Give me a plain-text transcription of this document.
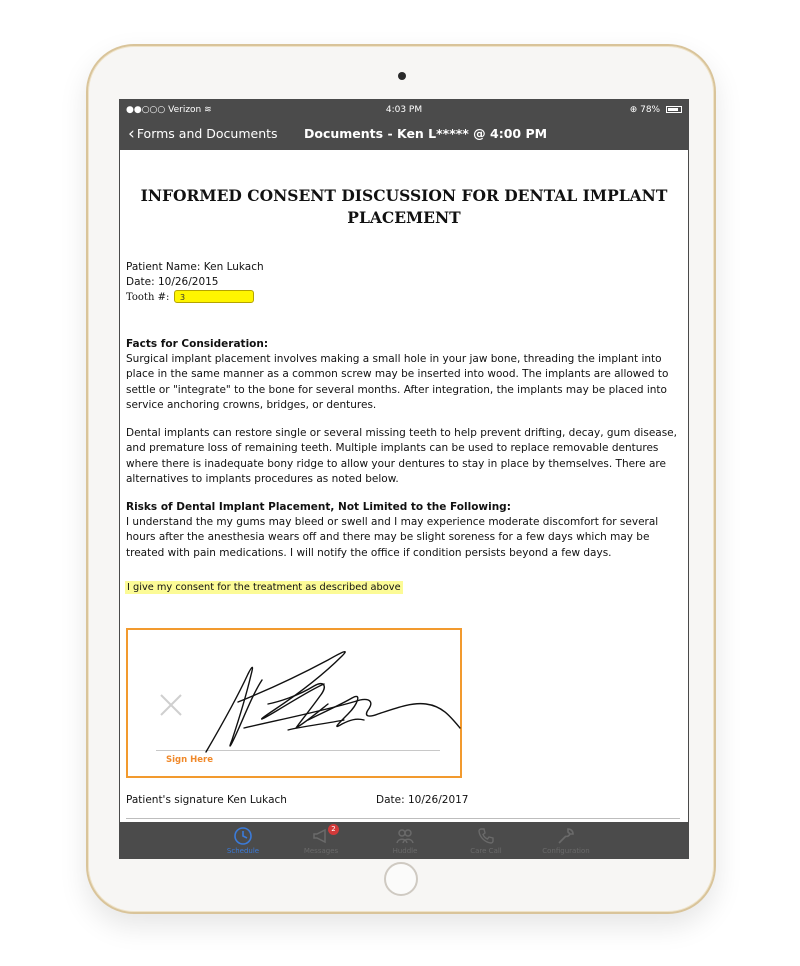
●●○○○ Verizon ≋	4:03 PM	⊕ 78%
‹ Forms and Documents Documents - Ken L***** @ 4:00 PM
INFORMED CONSENT DISCUSSION FOR DENTAL IMPLANT PLACEMENT
Patient Name: Ken Lukach
Date: 10/26/2015
Tooth #:	3
Facts for Consideration:
Surgical implant placement involves making a small hole in your jaw bone, threading the implant into place in the same manner as a common screw may be inserted into wood. The implants are allowed to settle or "integrate" to the bone for several months. After integration, the implants may be placed into service anchoring crowns, bridges, or dentures.
Dental implants can restore single or several missing teeth to help prevent drifting, decay, gum disease, and premature loss of remaining teeth. Multiple implants can be used to replace removable dentures where there is inadequate bony ridge to allow your dentures to stay in place by themselves. There are alternatives to implants procedures as noted below.
Risks of Dental Implant Placement, Not Limited to the Following:
I understand the my gums may bleed or swell and I may experience moderate discomfort for several hours after the anesthesia wears off and there may be slight soreness for a few days which may be treated with pain medications. I will notify the office if condition persists beyond a few days.
I give my consent for the treatment as described above
Sign Here
Patient's signature Ken Lukach	Date: 10/26/2017
Schedule
2
Messages	Huddle	Care Call	Configuration
